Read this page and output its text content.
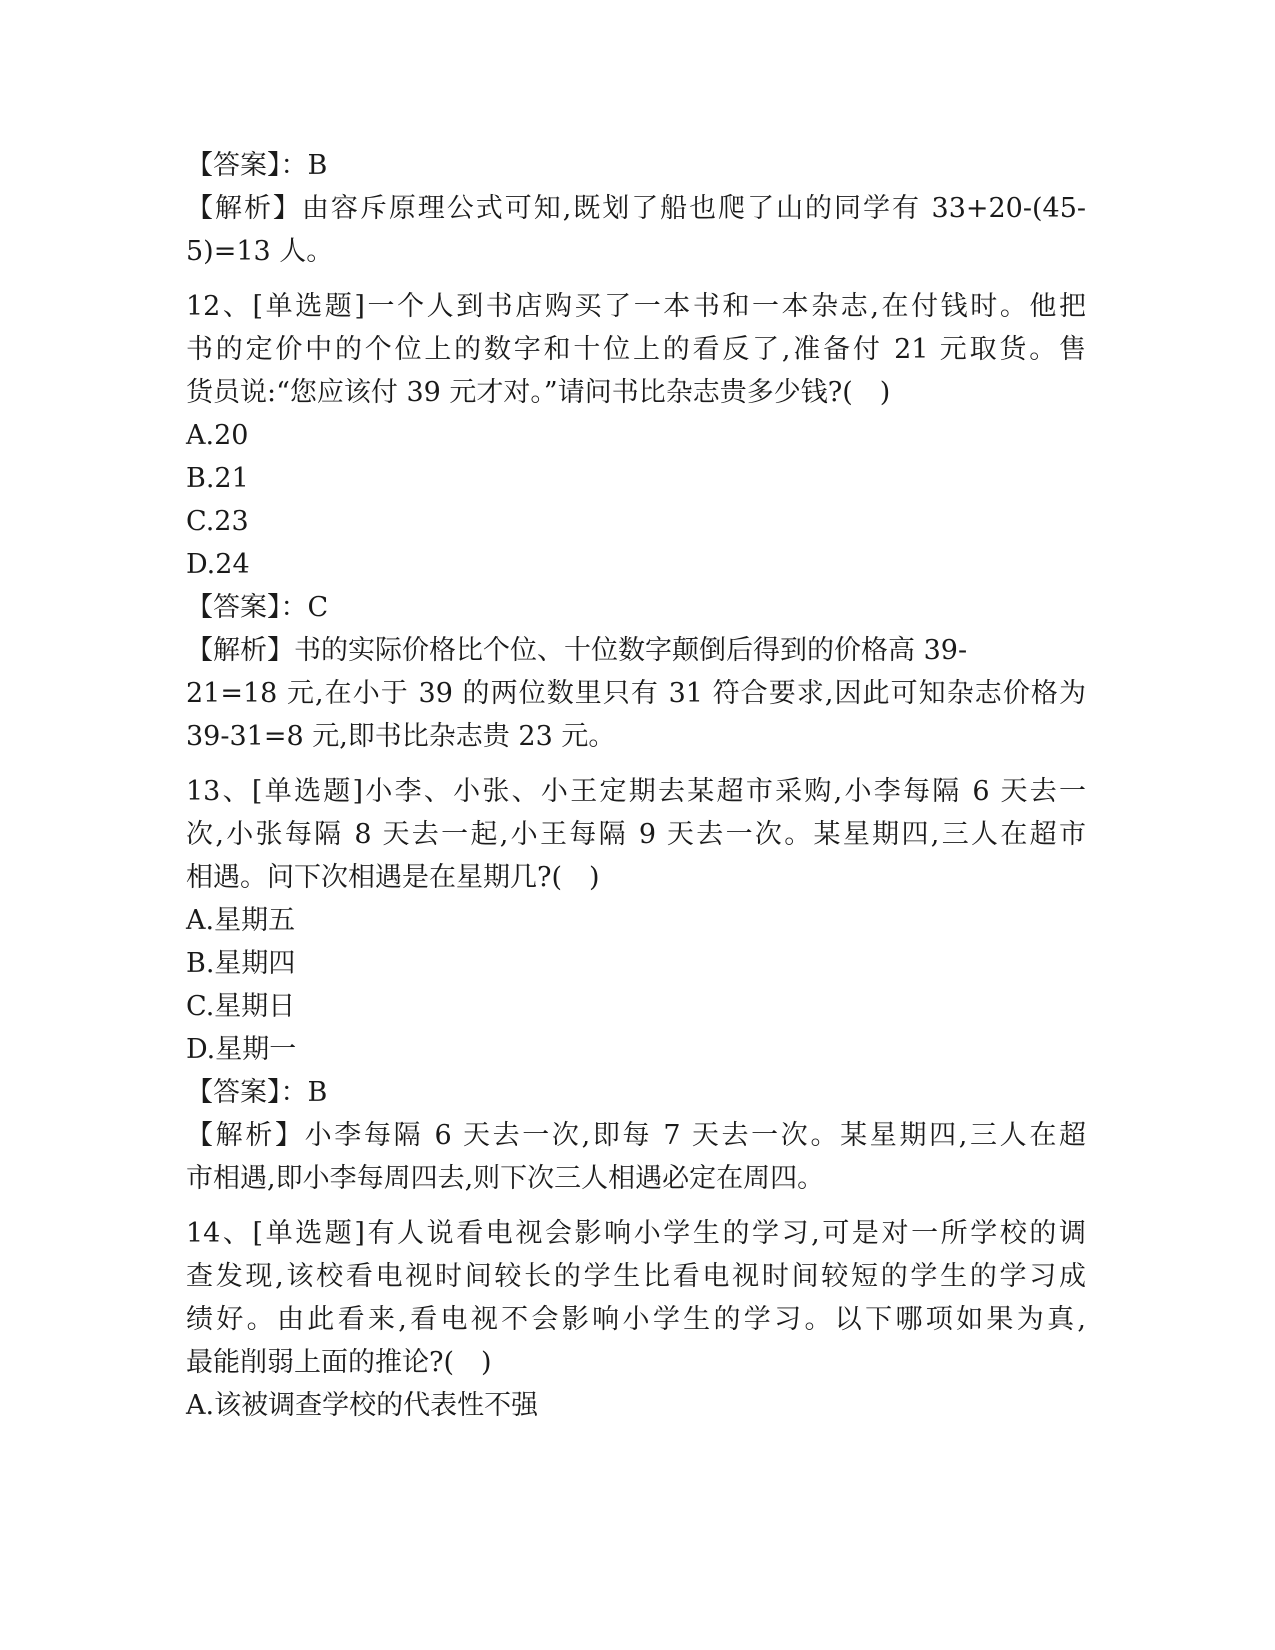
【答案】：B

【解析】由容斥原理公式可知,既划了船也爬了山的同学有 33+20-(45-

5)=13 人。

12、[单选题]一个人到书店购买了一本书和一本杂志,在付钱时。他把

书的定价中的个位上的数字和十位上的看反了,准备付 21 元取货。售

货员说:“您应该付 39 元才对。”请问书比杂志贵多少钱?(　)

A.20

B.21

C.23

D.24

【答案】：C

【解析】书的实际价格比个位、十位数字颠倒后得到的价格高 39-

21=18 元,在小于 39 的两位数里只有 31 符合要求,因此可知杂志价格为

39-31=8 元,即书比杂志贵 23 元。

13、[单选题]小李、小张、小王定期去某超市采购,小李每隔 6 天去一

次,小张每隔 8 天去一起,小王每隔 9 天去一次。某星期四,三人在超市

相遇。问下次相遇是在星期几?(　)

A.星期五

B.星期四

C.星期日

D.星期一

【答案】：B

【解析】小李每隔 6 天去一次,即每 7 天去一次。某星期四,三人在超

市相遇,即小李每周四去,则下次三人相遇必定在周四。

14、[单选题]有人说看电视会影响小学生的学习,可是对一所学校的调

查发现,该校看电视时间较长的学生比看电视时间较短的学生的学习成

绩好。由此看来,看电视不会影响小学生的学习。以下哪项如果为真,

最能削弱上面的推论?(　)

A.该被调查学校的代表性不强
